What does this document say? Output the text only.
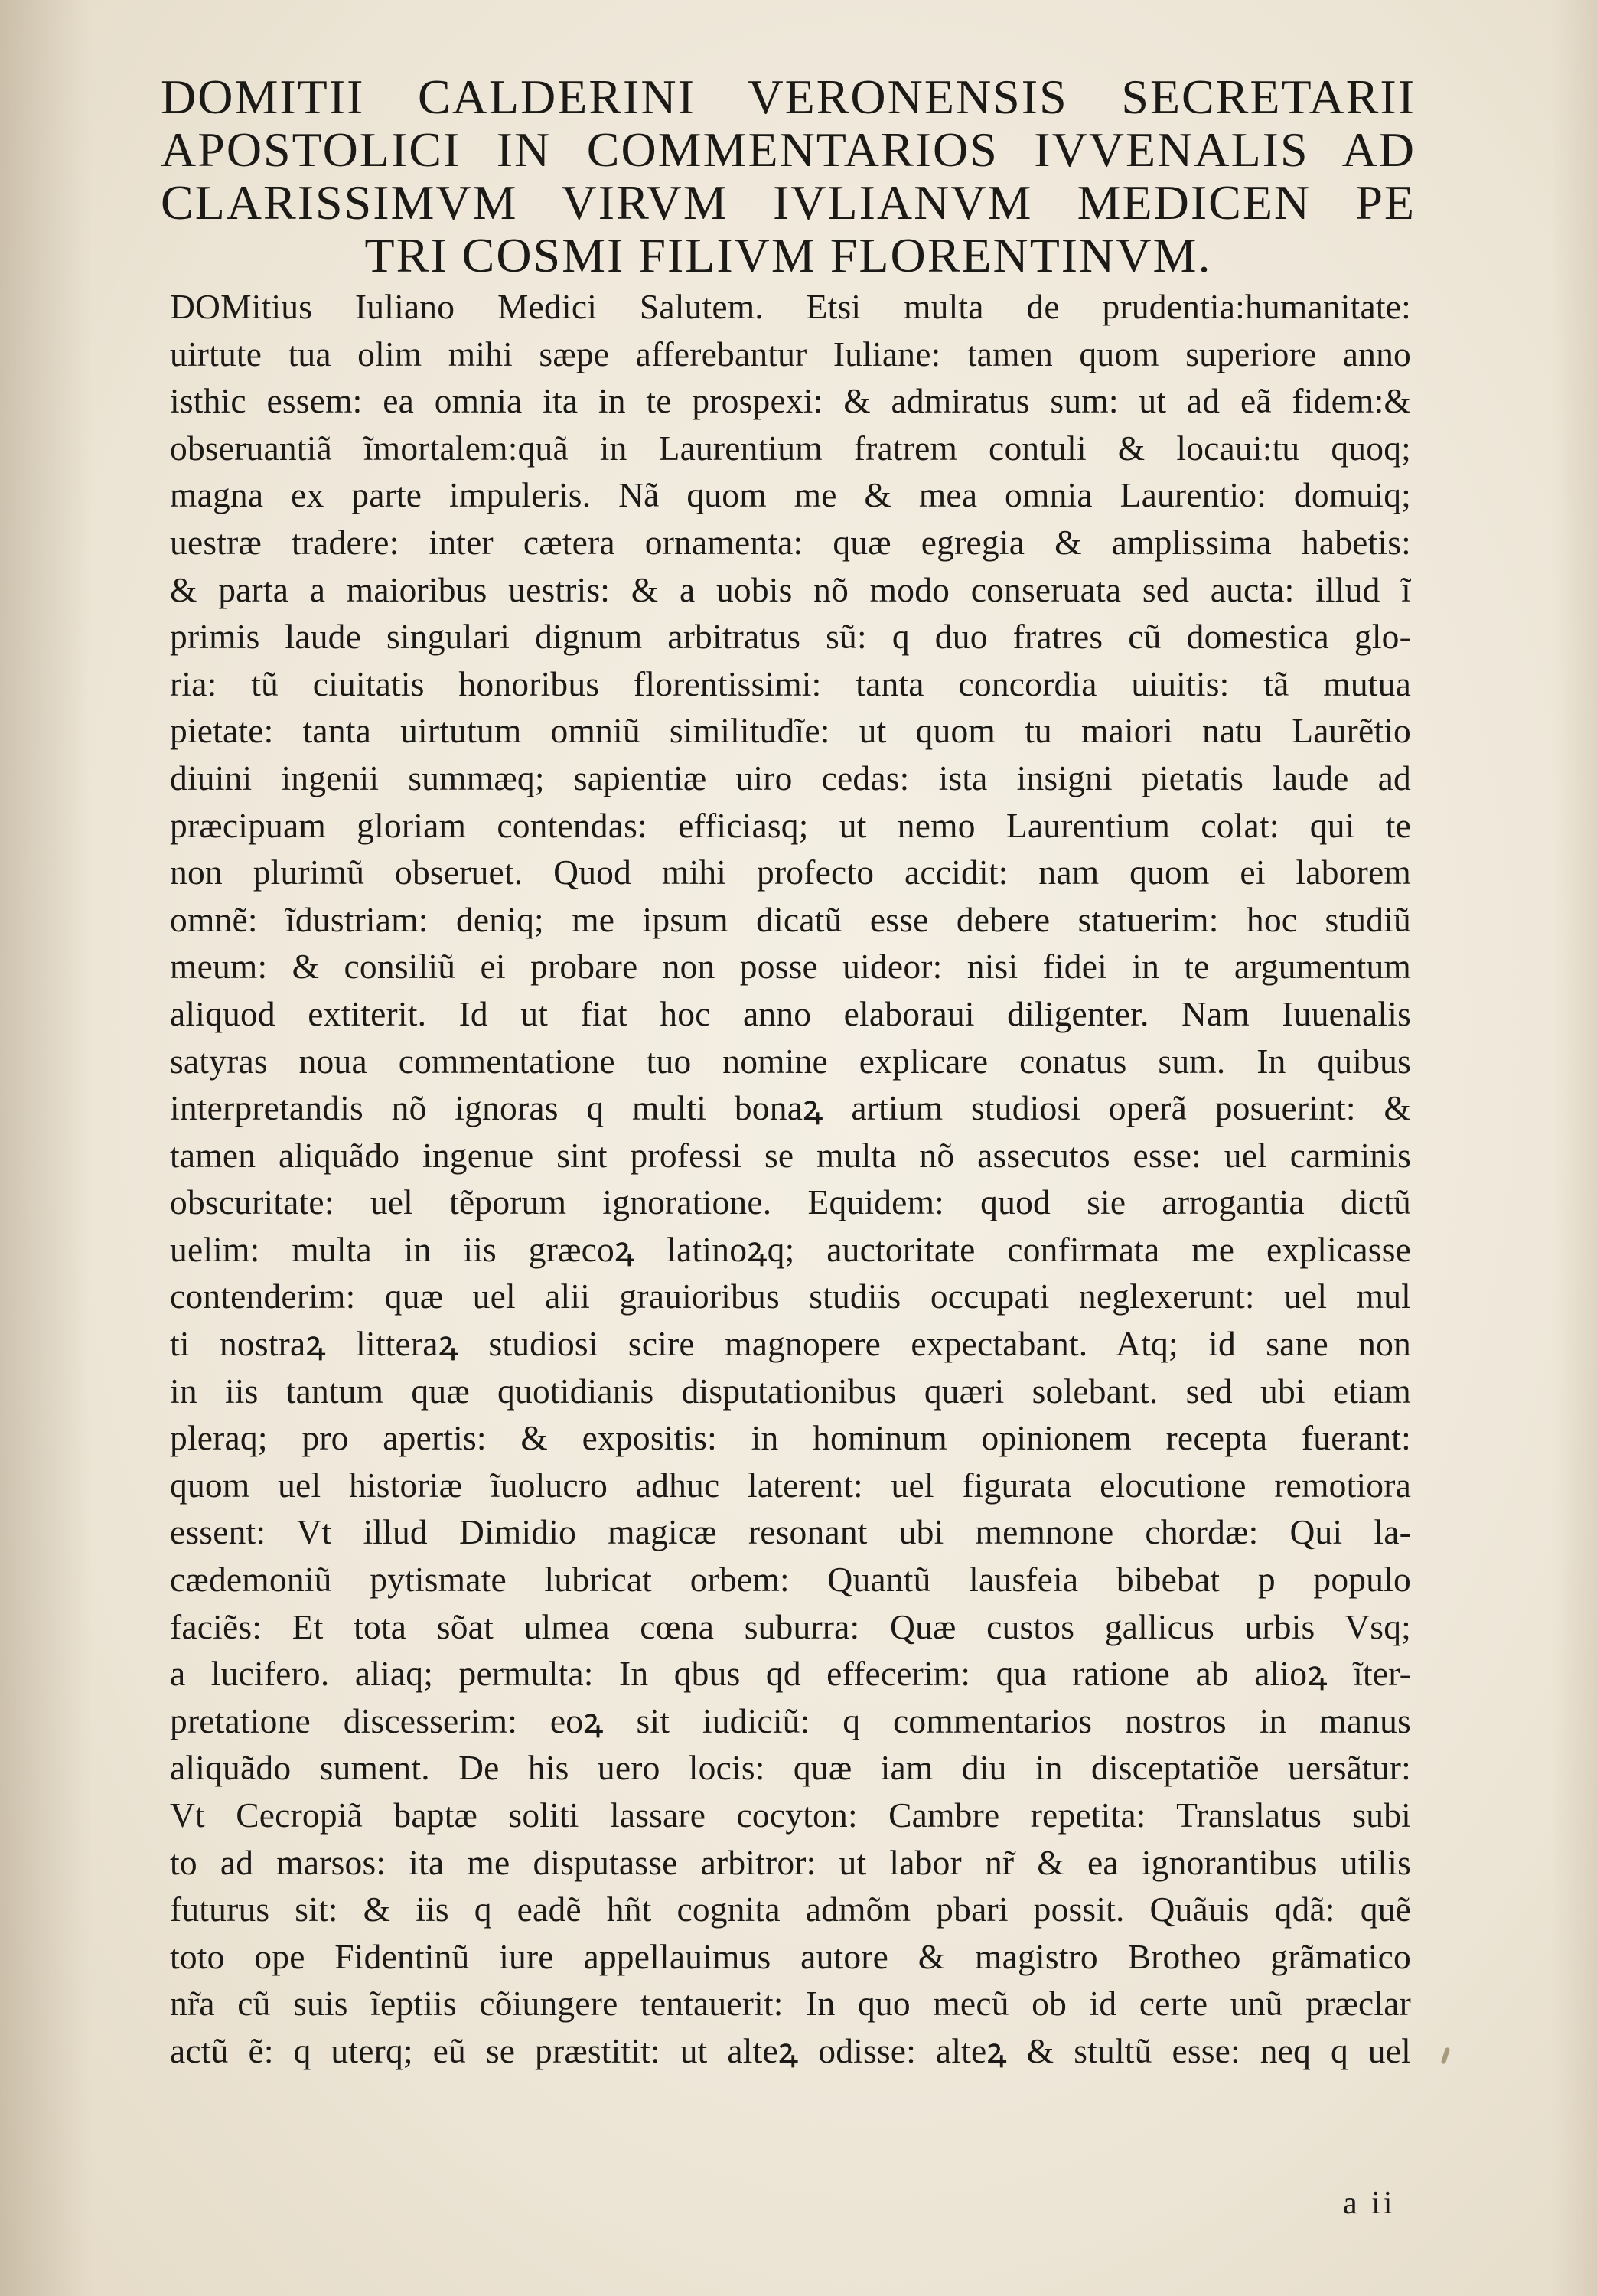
DOMITII CALDERINI VERONENSIS SECRETARII
APOSTOLICI IN COMMENTARIOS IVVENALIS AD
CLARISSIMVM VIRVM IVLIANVM MEDICEN PE
TRI COSMI FILIVM FLORENTINVM.
DOMitius Iuliano Medici Salutem. Etsi multa de prudentia:humanitate:
uirtute tua olim mihi sæpe afferebantur Iuliane: tamen quom superiore anno
isthic essem: ea omnia ita in te prospexi: & admiratus sum: ut ad eã fidem:&
obseruantiã ĩmortalem:quã in Laurentium fratrem contuli & locaui:tu quoq;
magna ex parte impuleris. Nã quom me & mea omnia Laurentio: domuiq;
uestræ tradere: inter cætera ornamenta: quæ egregia & amplissima habetis:
& parta a maioribus uestris: & a uobis nõ modo conseruata sed aucta: illud ĩ
primis laude singulari dignum arbitratus sũ: q duo fratres cũ domestica glo-
ria: tũ ciuitatis honoribus florentissimi: tanta concordia uiuitis: tã mutua
pietate: tanta uirtutum omniũ similitudĩe: ut quom tu maiori natu Laurẽtio
diuini ingenii summæq; sapientiæ uiro cedas: ista insigni pietatis laude ad
præcipuam gloriam contendas: efficiasq; ut nemo Laurentium colat: qui te
non plurimũ obseruet. Quod mihi profecto accidit: nam quom ei laborem
omnẽ: ĩdustriam: deniq; me ipsum dicatũ esse debere statuerim: hoc studiũ
meum: & consiliũ ei probare non posse uideor: nisi fidei in te argumentum
aliquod extiterit. Id ut fiat hoc anno elaboraui diligenter. Nam Iuuenalis
satyras noua commentatione tuo nomine explicare conatus sum. In quibus
interpretandis nõ ignoras q multi bonaꝝ artium studiosi operã posuerint: &
tamen aliquãdo ingenue sint professi se multa nõ assecutos esse: uel carminis
obscuritate: uel tẽporum ignoratione. Equidem: quod sie arrogantia dictũ
uelim: multa in iis græcoꝝ latinoꝝq; auctoritate confirmata me explicasse
contenderim: quæ uel alii grauioribus studiis occupati neglexerunt: uel mul
ti nostraꝝ litteraꝝ studiosi scire magnopere expectabant. Atq; id sane non
in iis tantum quæ quotidianis disputationibus quæri solebant. sed ubi etiam
pleraq; pro apertis: & expositis: in hominum opinionem recepta fuerant:
quom uel historiæ ĩuolucro adhuc laterent: uel figurata elocutione remotiora
essent: Vt illud Dimidio magicæ resonant ubi memnone chordæ: Qui la-
cædemoniũ pytismate lubricat orbem: Quantũ lausfeia bibebat p populo
faciẽs: Et tota sõat ulmea cœna suburra: Quæ custos gallicus urbis Vsq;
a lucifero. aliaq; permulta: In qbus qd effecerim: qua ratione ab alioꝝ ĩter-
pretatione discesserim: eoꝝ sit iudiciũ: q commentarios nostros in manus
aliquãdo sument. De his uero locis: quæ iam diu in disceptatiõe uersãtur:
Vt Cecropiã baptæ soliti lassare cocyton: Cambre repetita: Translatus subi
to ad marsos: ita me disputasse arbitror: ut labor nr̃ & ea ignorantibus utilis
futurus sit: & iis q eadẽ hñt cognita admõm pbari possit. Quãuis qdã: quẽ
toto ope Fidentinũ iure appellauimus autore & magistro Brotheo grãmatico
nr̃a cũ suis ĩeptiis cõiungere tentauerit: In quo mecũ ob id certe unũ præclar
actũ ẽ: q uterq; eũ se præstitit: ut alteꝝ odisse: alteꝝ & stultũ esse: neq q uel
a ii
